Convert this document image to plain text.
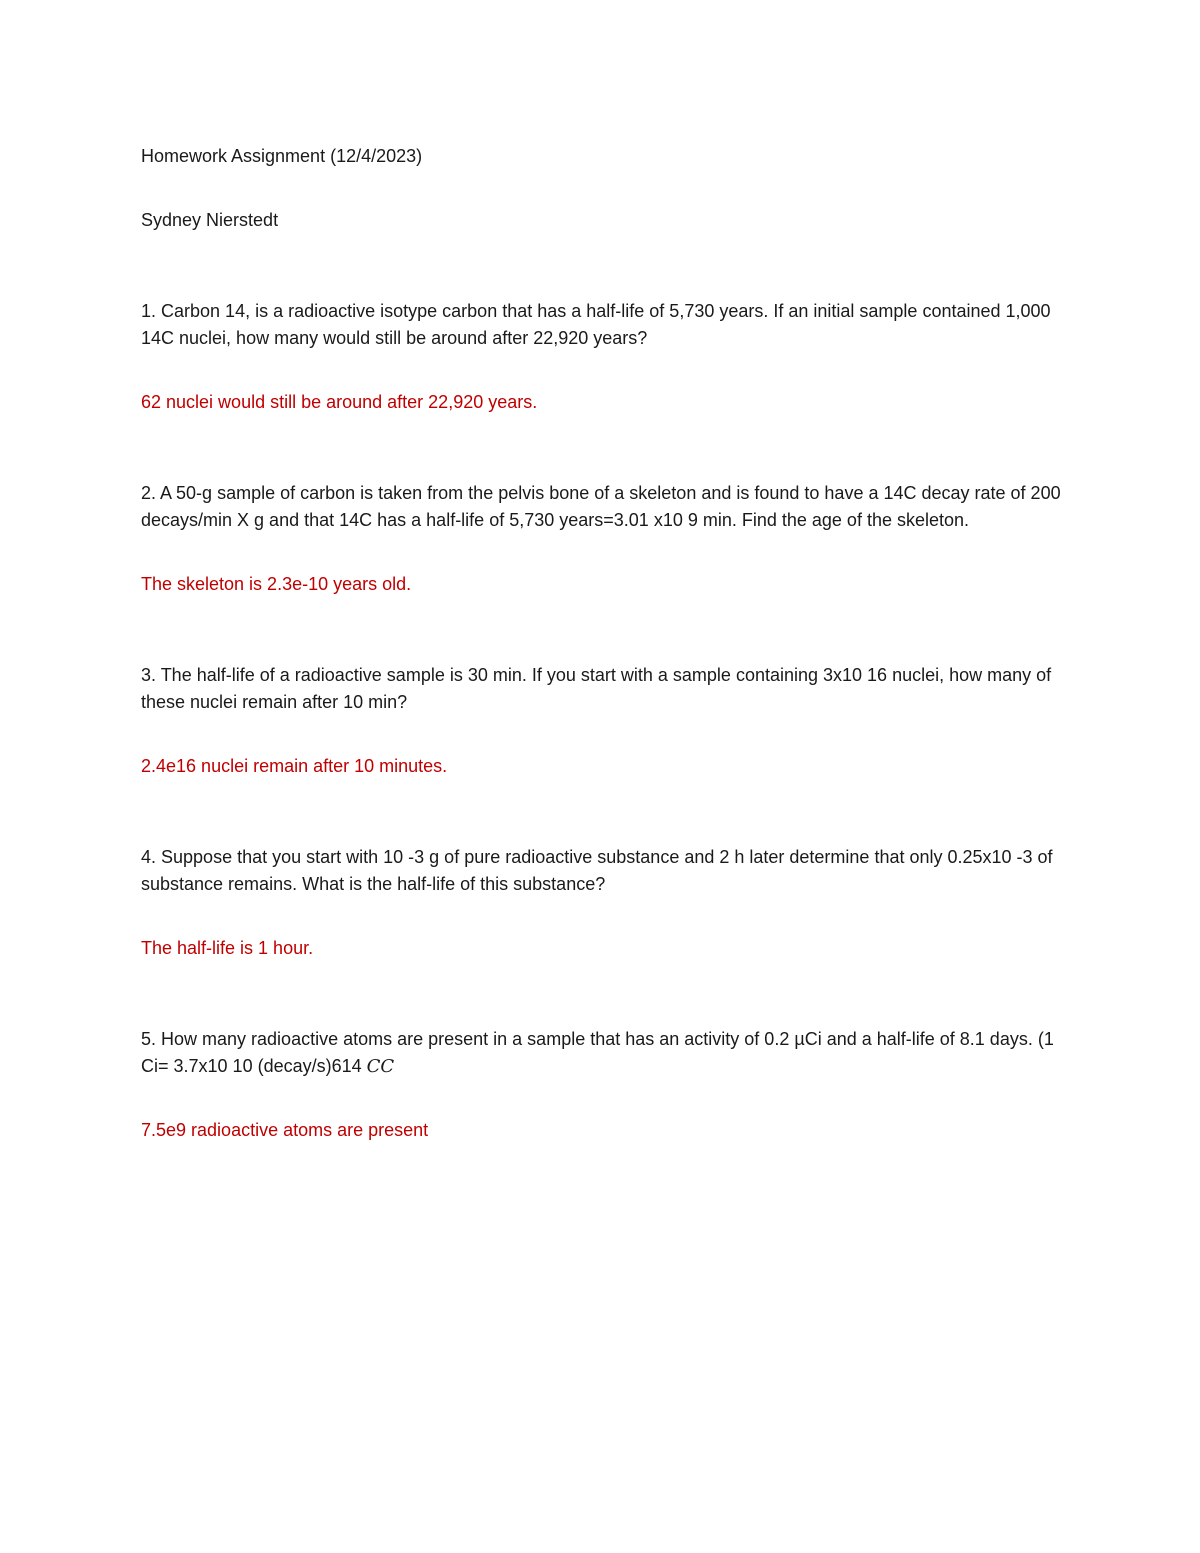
Homework Assignment (12/4/2023)

Sydney Nierstedt

1. Carbon 14, is a radioactive isotype carbon that has a half-life of 5,730 years. If an initial sample contained 1,000 14C nuclei, how many would still be around after 22,920 years?

62 nuclei would still be around after 22,920 years.

2. A 50-g sample of carbon is taken from the pelvis bone of a skeleton and is found to have a 14C decay rate of 200 decays/min X g and that 14C has a half-life of 5,730 years=3.01 x10 9 min. Find the age of the skeleton.

The skeleton is 2.3e-10 years old.

3. The half-life of a radioactive sample is 30 min. If you start with a sample containing 3x10 16 nuclei, how many of these nuclei remain after 10 min?

2.4e16 nuclei remain after 10 minutes.

4. Suppose that you start with 10 -3 g of pure radioactive substance and 2 h later determine that only 0.25x10 -3 of substance remains. What is the half-life of this substance?

The half-life is 1 hour.

5. How many radioactive atoms are present in a sample that has an activity of 0.2 µCi and a half-life of 8.1 days. (1 Ci= 3.7x10 10 (decay/s)614 CC

7.5e9 radioactive atoms are present
